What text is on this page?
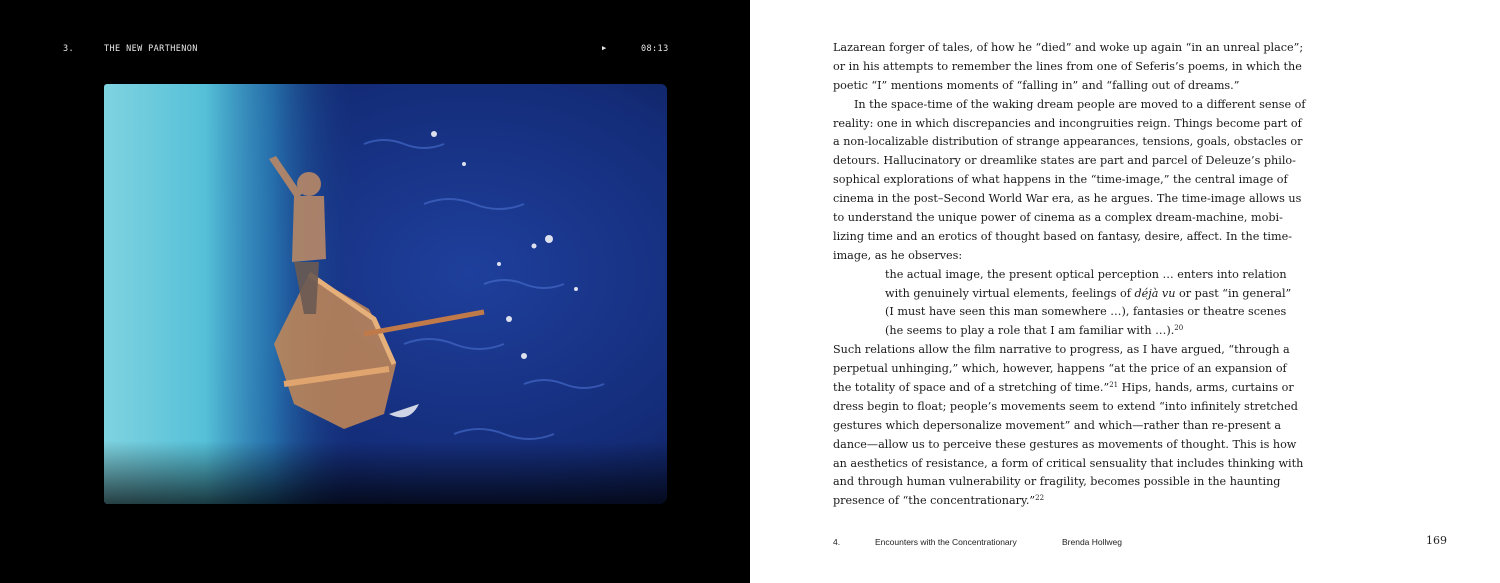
3.	THE NEW PARTHENON	▶	08:13	Lazarean forger of tales, of how he “died” and woke up again “in an unreal place”;
or in his attempts to remember the lines from one of Seferis’s poems, in which the
poetic “I” mentions moments of “falling in” and “falling out of dreams.”
In the space-time of the waking dream people are moved to a different sense of
reality: one in which discrepancies and incongruities reign. Things become part of
a non-localizable distribution of strange appearances, tensions, goals, obstacles or
detours. Hallucinatory or dreamlike states are part and parcel of Deleuze’s philo-
sophical explorations of what happens in the “time-image,” the central image of
cinema in the post–Second World War era, as he argues. The time-image allows us
to understand the unique power of cinema as a complex dream-machine, mobi-
lizing time and an erotics of thought based on fantasy, desire, affect. In the time-
image, as he observes:
the actual image, the present optical perception … enters into relation
with genuinely virtual elements, feelings of déjà vu or past “in general”
(I must have seen this man somewhere …), fantasies or theatre scenes
(he seems to play a role that I am familiar with …).$^{20}$
Such relations allow the film narrative to progress, as I have argued, “through a
perpetual unhinging,” which, however, happens “at the price of an expansion of
the totality of space and of a stretching of time.”$^{21}$ Hips, hands, arms, curtains or
dress begin to float; people’s movements seem to extend “into infinitely stretched
gestures which depersonalize movement” and which—rather than re-present a
dance—allow us to perceive these gestures as movements of thought. This is how
an aesthetics of resistance, a form of critical sensuality that includes thinking with
and through human vulnerability or fragility, becomes possible in the haunting
presence of “the concentrationary.”$^{22}$
4.	Encounters with the Concentrationary	Brenda Hollweg	169
